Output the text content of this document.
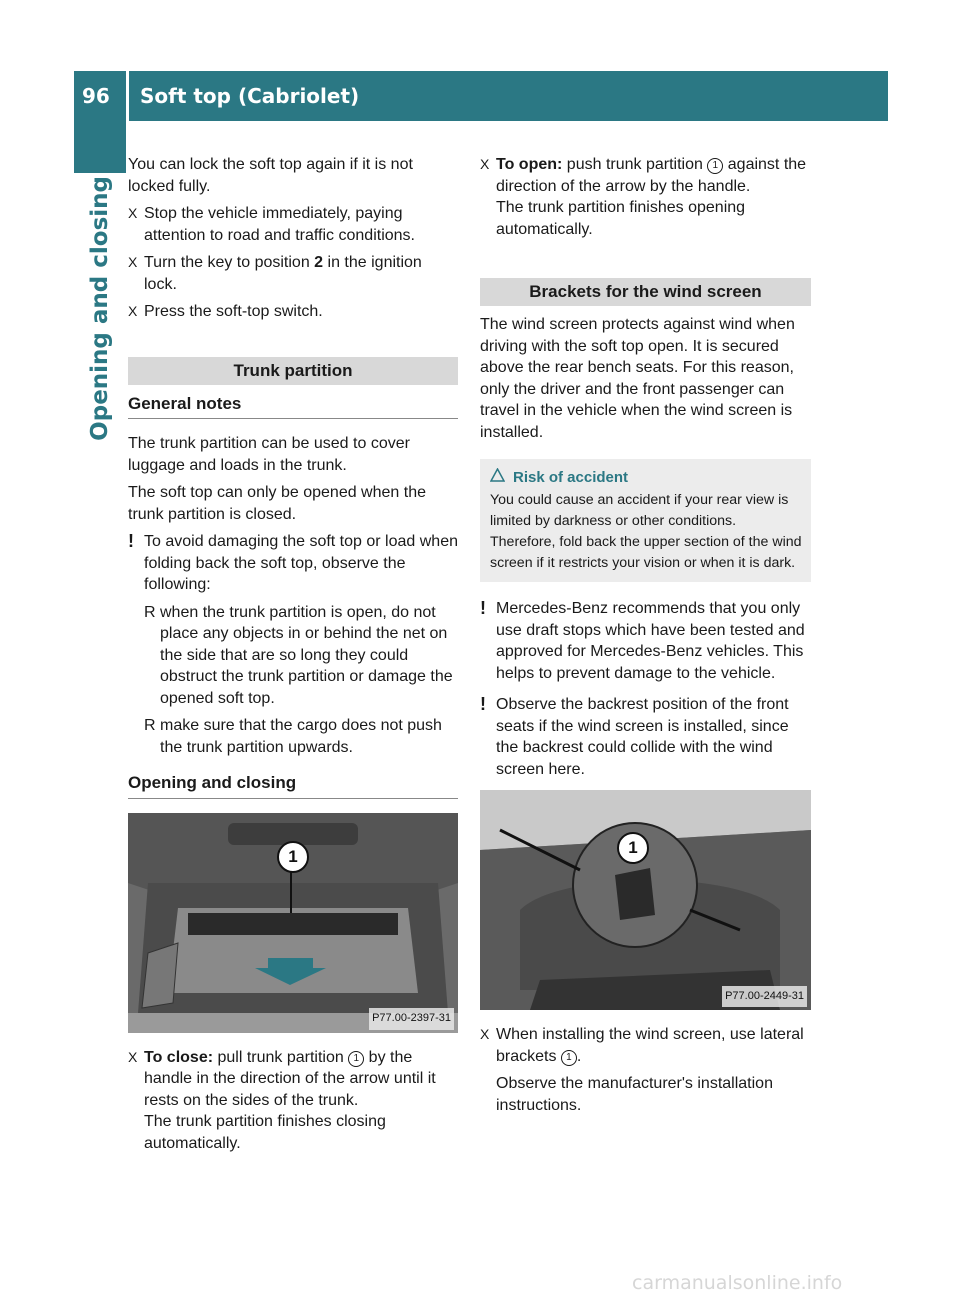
96	Soft top (Cabriolet)
Opening and closing

You can lock the soft top again if it is not locked fully.

X Stop the vehicle immediately, paying attention to road and traffic conditions.
X Turn the key to position 2 in the ignition lock.
X Press the soft-top switch.
Trunk partition
General notes

The trunk partition can be used to cover luggage and loads in the trunk.

The soft top can only be opened when the trunk partition is closed.

! To avoid damaging the soft top or load when folding back the soft top, observe the following:
R when the trunk partition is open, do not place any objects in or behind the net on the side that are so long they could obstruct the trunk partition or damage the opened soft top.
R make sure that the cargo does not push the trunk partition upwards.
Opening and closing
1
P77.00-2397-31
X To close: pull trunk partition 1 by the handle in the direction of the arrow until it rests on the sides of the trunk.
The trunk partition finishes closing automatically.
X To open: push trunk partition 1 against the direction of the arrow by the handle.
The trunk partition finishes opening automatically.
Brackets for the wind screen

The wind screen protects against wind when driving with the soft top open. It is secured above the rear bench seats. For this reason, only the driver and the front passenger can travel in the vehicle when the wind screen is installed.

Risk of accident
You could cause an accident if your rear view is limited by darkness or other conditions. Therefore, fold back the upper section of the wind screen if it restricts your vision or when it is dark.
! Mercedes-Benz recommends that you only use draft stops which have been tested and approved for Mercedes-Benz vehicles. This helps to prevent damage to the vehicle.
! Observe the backrest position of the front seats if the wind screen is installed, since the backrest could collide with the wind screen here.
1
P77.00-2449-31
X When installing the wind screen, use lateral brackets 1 .

Observe the manufacturer's installation instructions.

carmanualsonline.info
